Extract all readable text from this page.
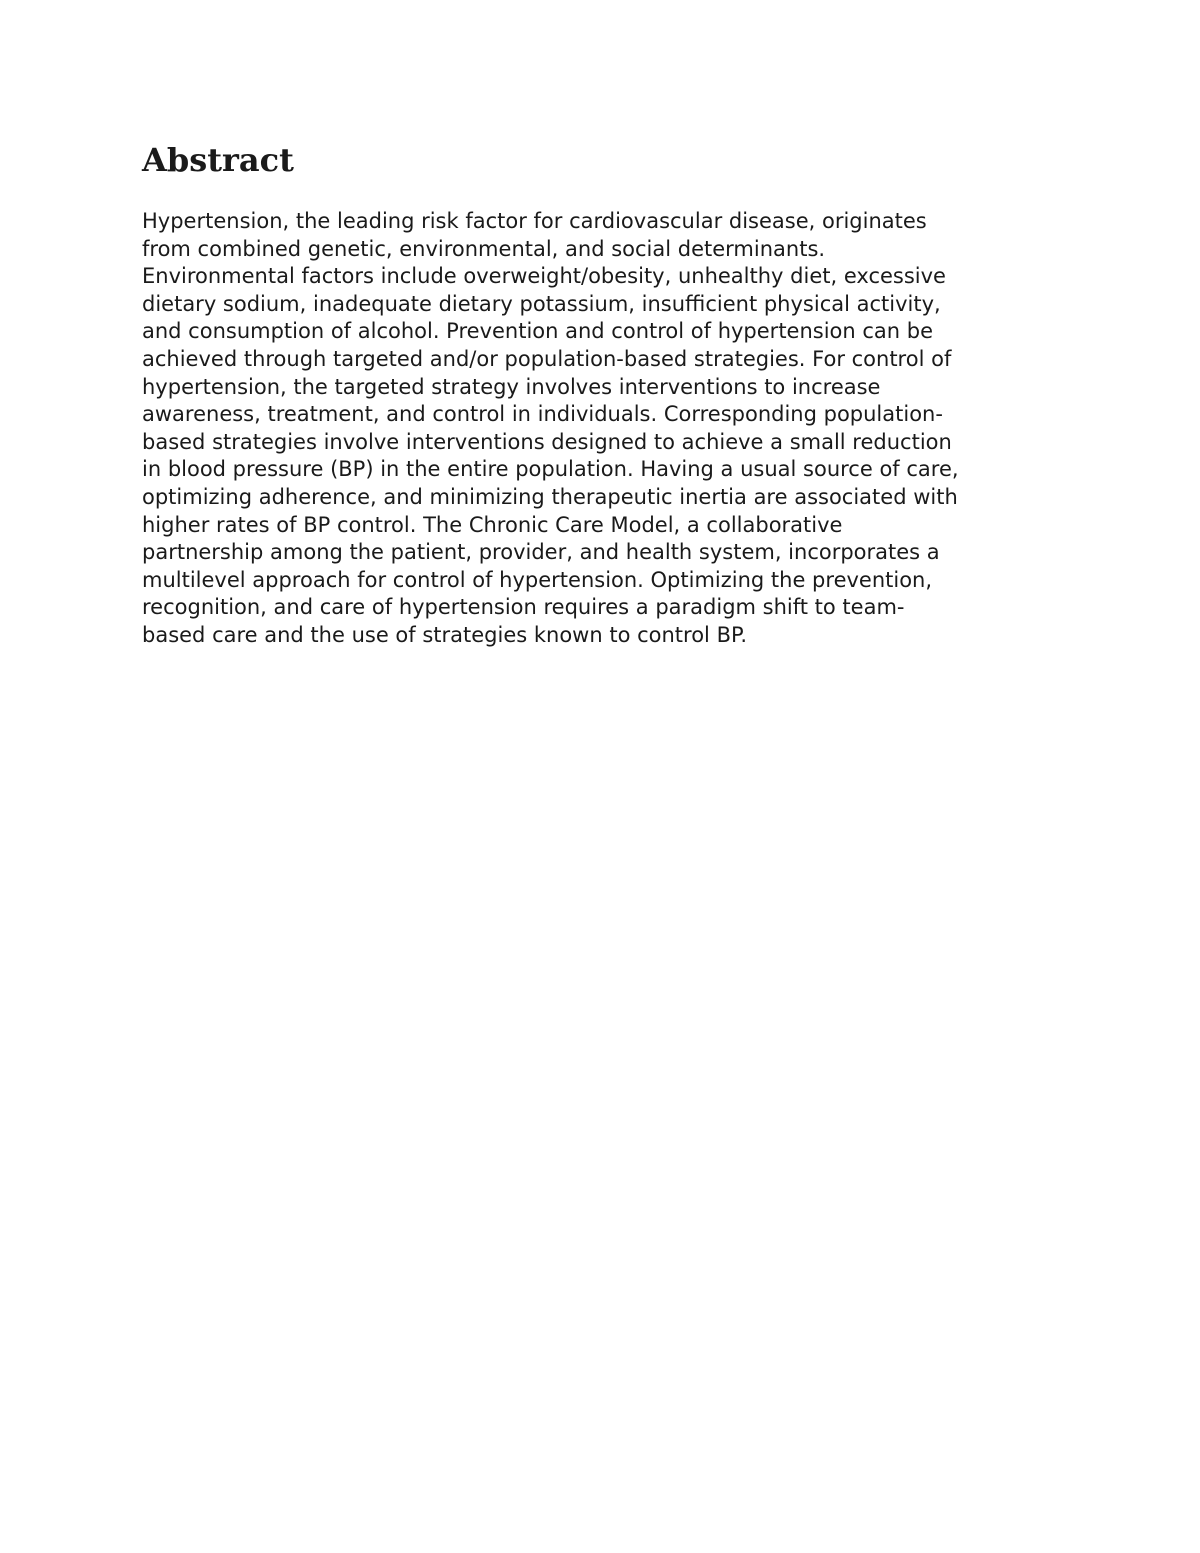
Abstract

Hypertension, the leading risk factor for cardiovascular disease, originates
from combined genetic, environmental, and social determinants.
Environmental factors include overweight/obesity, unhealthy diet, excessive
dietary sodium, inadequate dietary potassium, insufficient physical activity,
and consumption of alcohol. Prevention and control of hypertension can be
achieved through targeted and/or population-based strategies. For control of
hypertension, the targeted strategy involves interventions to increase
awareness, treatment, and control in individuals. Corresponding population-
based strategies involve interventions designed to achieve a small reduction
in blood pressure (BP) in the entire population. Having a usual source of care,
optimizing adherence, and minimizing therapeutic inertia are associated with
higher rates of BP control. The Chronic Care Model, a collaborative
partnership among the patient, provider, and health system, incorporates a
multilevel approach for control of hypertension. Optimizing the prevention,
recognition, and care of hypertension requires a paradigm shift to team-
based care and the use of strategies known to control BP.
